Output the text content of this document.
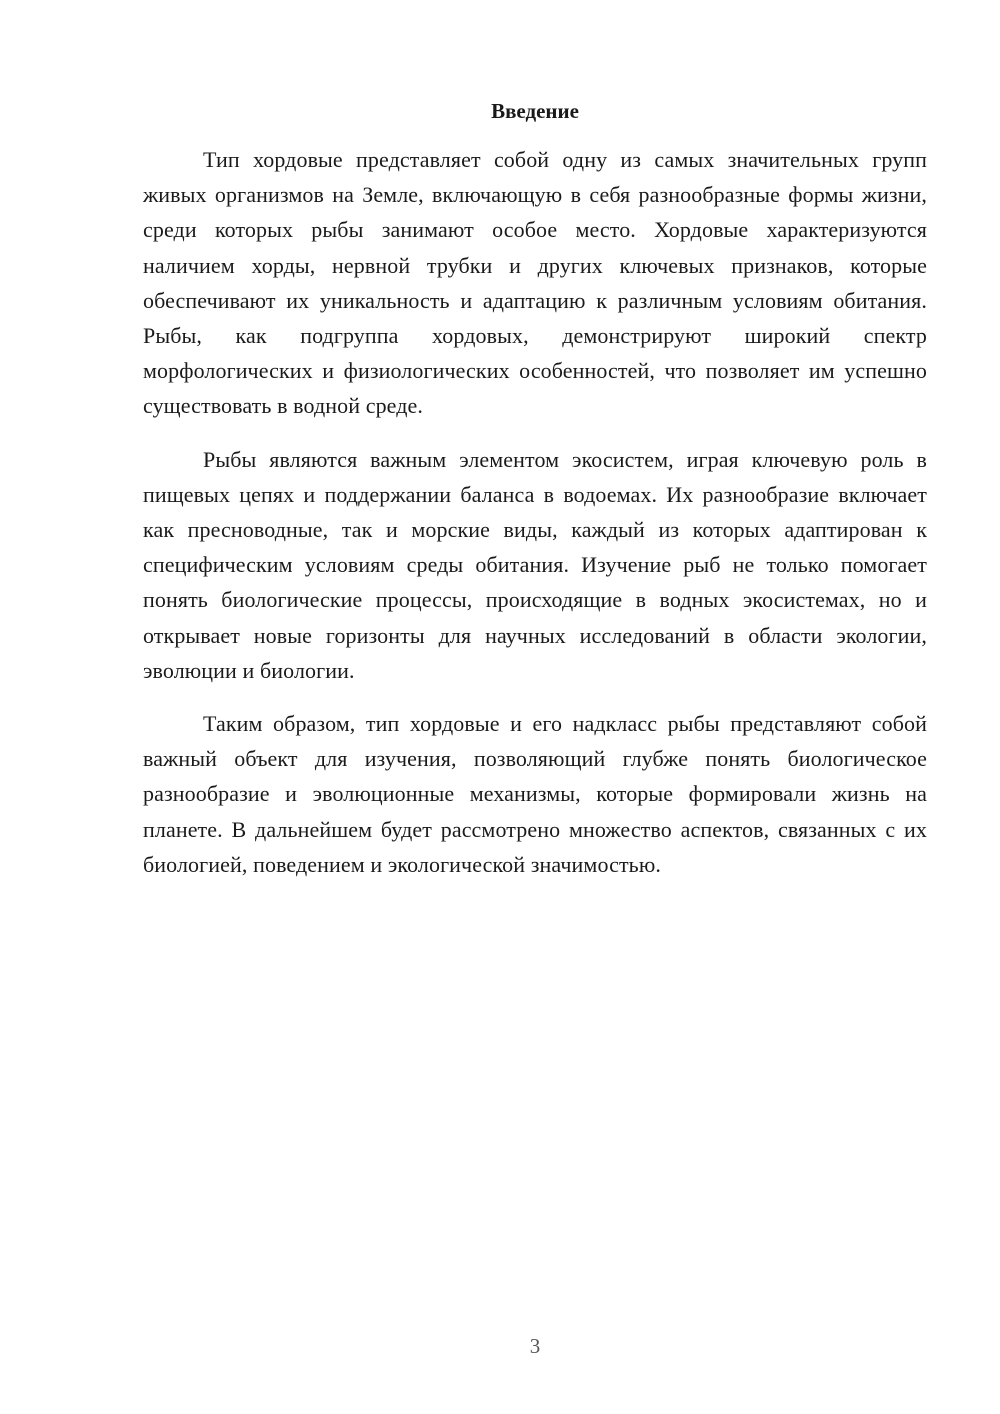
Введение

Тип хордовые представляет собой одну из самых значительных групп живых организмов на Земле, включающую в себя разнообразные формы жизни, среди которых рыбы занимают особое место. Хордовые характеризуются наличием хорды, нервной трубки и других ключевых признаков, которые обеспечивают их уникальность и адаптацию к различным условиям обитания. Рыбы, как подгруппа хордовых, демонстрируют широкий спектр морфологических и физиологических особенностей, что позволяет им успешно существовать в водной среде.

Рыбы являются важным элементом экосистем, играя ключевую роль в пищевых цепях и поддержании баланса в водоемах. Их разнообразие включает как пресноводные, так и морские виды, каждый из которых адаптирован к специфическим условиям среды обитания. Изучение рыб не только помогает понять биологические процессы, происходящие в водных экосистемах, но и открывает новые горизонты для научных исследований в области экологии, эволюции и биологии.

Таким образом, тип хордовые и его надкласс рыбы представляют собой важный объект для изучения, позволяющий глубже понять биологическое разнообразие и эволюционные механизмы, которые формировали жизнь на планете. В дальнейшем будет рассмотрено множество аспектов, связанных с их биологией, поведением и экологической значимостью.

3
